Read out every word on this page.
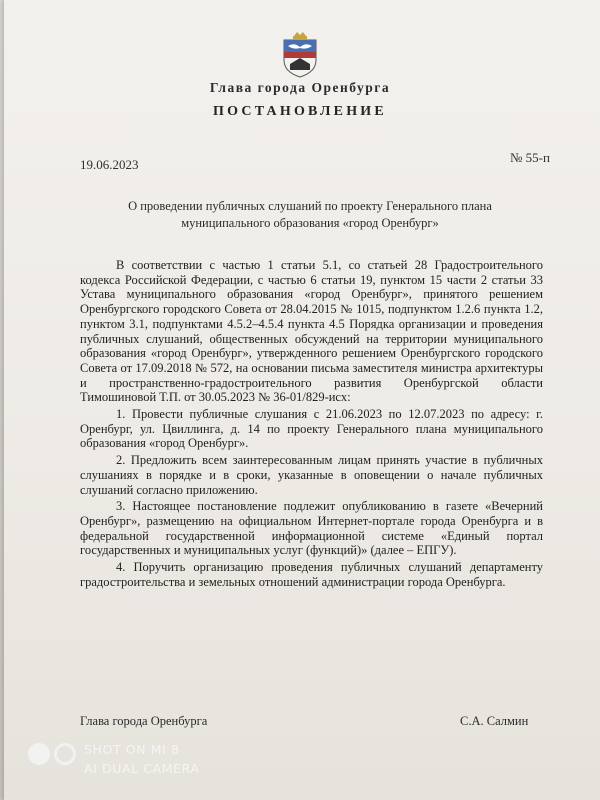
Глава города Оренбурга
ПОСТАНОВЛЕНИЕ
19.06.2023	№ 55-п
О проведении публичных слушаний по проекту Генерального плана
муниципального образования «город Оренбург»

В соответствии с частью 1 статьи 5.1, со статьей 28 Градостроительного кодекса Российской Федерации, с частью 6 статьи 19, пунктом 15 части 2 статьи 33 Устава муниципального образования «город Оренбург», принятого решением Оренбургского городского Совета от 28.04.2015 № 1015, подпунктом 1.2.6 пункта 1.2, пунктом 3.1, подпунктами 4.5.2–4.5.4 пункта 4.5 Порядка организации и проведения публичных слушаний, общественных обсуждений на территории муниципального образования «город Оренбург», утвержденного решением Оренбургского городского Совета от 17.09.2018 № 572, на основании письма заместителя министра архитектуры и пространственно-градостроительного развития Оренбургской области Тимошиновой Т.П. от 30.05.2023 № 36-01/829-исх:

1. Провести публичные слушания с 21.06.2023 по 12.07.2023 по адресу: г. Оренбург, ул. Цвиллинга, д. 14 по проекту Генерального плана муниципального образования «город Оренбург».

2. Предложить всем заинтересованным лицам принять участие в публичных слушаниях в порядке и в сроки, указанные в оповещении о начале публичных слушаний согласно приложению.

3. Настоящее постановление подлежит опубликованию в газете «Вечерний Оренбург», размещению на официальном Интернет-портале города Оренбурга и в федеральной государственной информационной системе «Единый портал государственных и муниципальных услуг (функций)» (далее – ЕПГУ).

4. Поручить организацию проведения публичных слушаний департаменту градостроительства и земельных отношений администрации города Оренбурга.

Глава города Оренбурга	С.А. Салмин
SHOT ON MI 8
AI DUAL CAMERA
